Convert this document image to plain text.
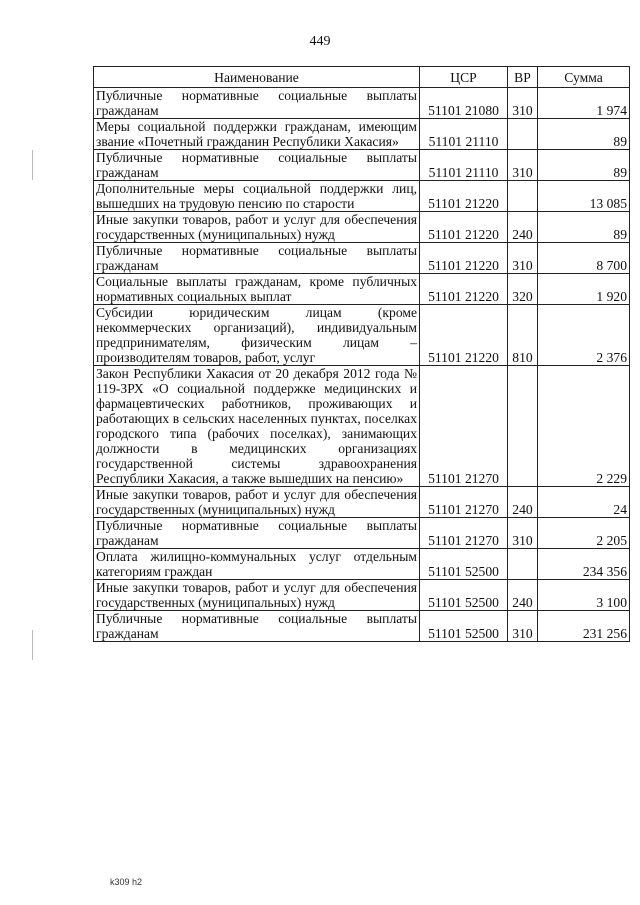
449
Наименование	ЦСР	ВР	Сумма
Публичные нормативные социальные выплаты гражданам	51101 21080	310	1 974
Меры социальной поддержки гражданам, имеющим звание «Почетный гражданин Республики Хакасия»	51101 21110		89
Публичные нормативные социальные выплаты гражданам	51101 21110	310	89
Дополнительные меры социальной поддержки лиц, вышедших на трудовую пенсию по старости	51101 21220		13 085
Иные закупки товаров, работ и услуг для обеспечения государственных (муниципальных) нужд	51101 21220	240	89
Публичные нормативные социальные выплаты гражданам	51101 21220	310	8 700
Социальные выплаты гражданам, кроме публичных нормативных социальных выплат	51101 21220	320	1 920
Субсидии юридическим лицам (кроме некоммерческих организаций), индивидуальным предпринимателям, физическим лицам – производителям товаров, работ, услуг	51101 21220	810	2 376
Закон Республики Хакасия от 20 декабря 2012 года № 119-ЗРХ «О социальной поддержке медицинских и фармацевтических работников, проживающих и работающих в сельских населенных пунктах, поселках городского типа (рабочих поселках), занимающих должности в медицинских организациях государственной системы здравоохранения Республики Хакасия, а также вышедших на пенсию»	51101 21270		2 229
Иные закупки товаров, работ и услуг для обеспечения государственных (муниципальных) нужд	51101 21270	240	24
Публичные нормативные социальные выплаты гражданам	51101 21270	310	2 205
Оплата жилищно-коммунальных услуг отдельным категориям граждан	51101 52500		234 356
Иные закупки товаров, работ и услуг для обеспечения государственных (муниципальных) нужд	51101 52500	240	3 100
Публичные нормативные социальные выплаты гражданам	51101 52500	310	231 256
k309 h2
